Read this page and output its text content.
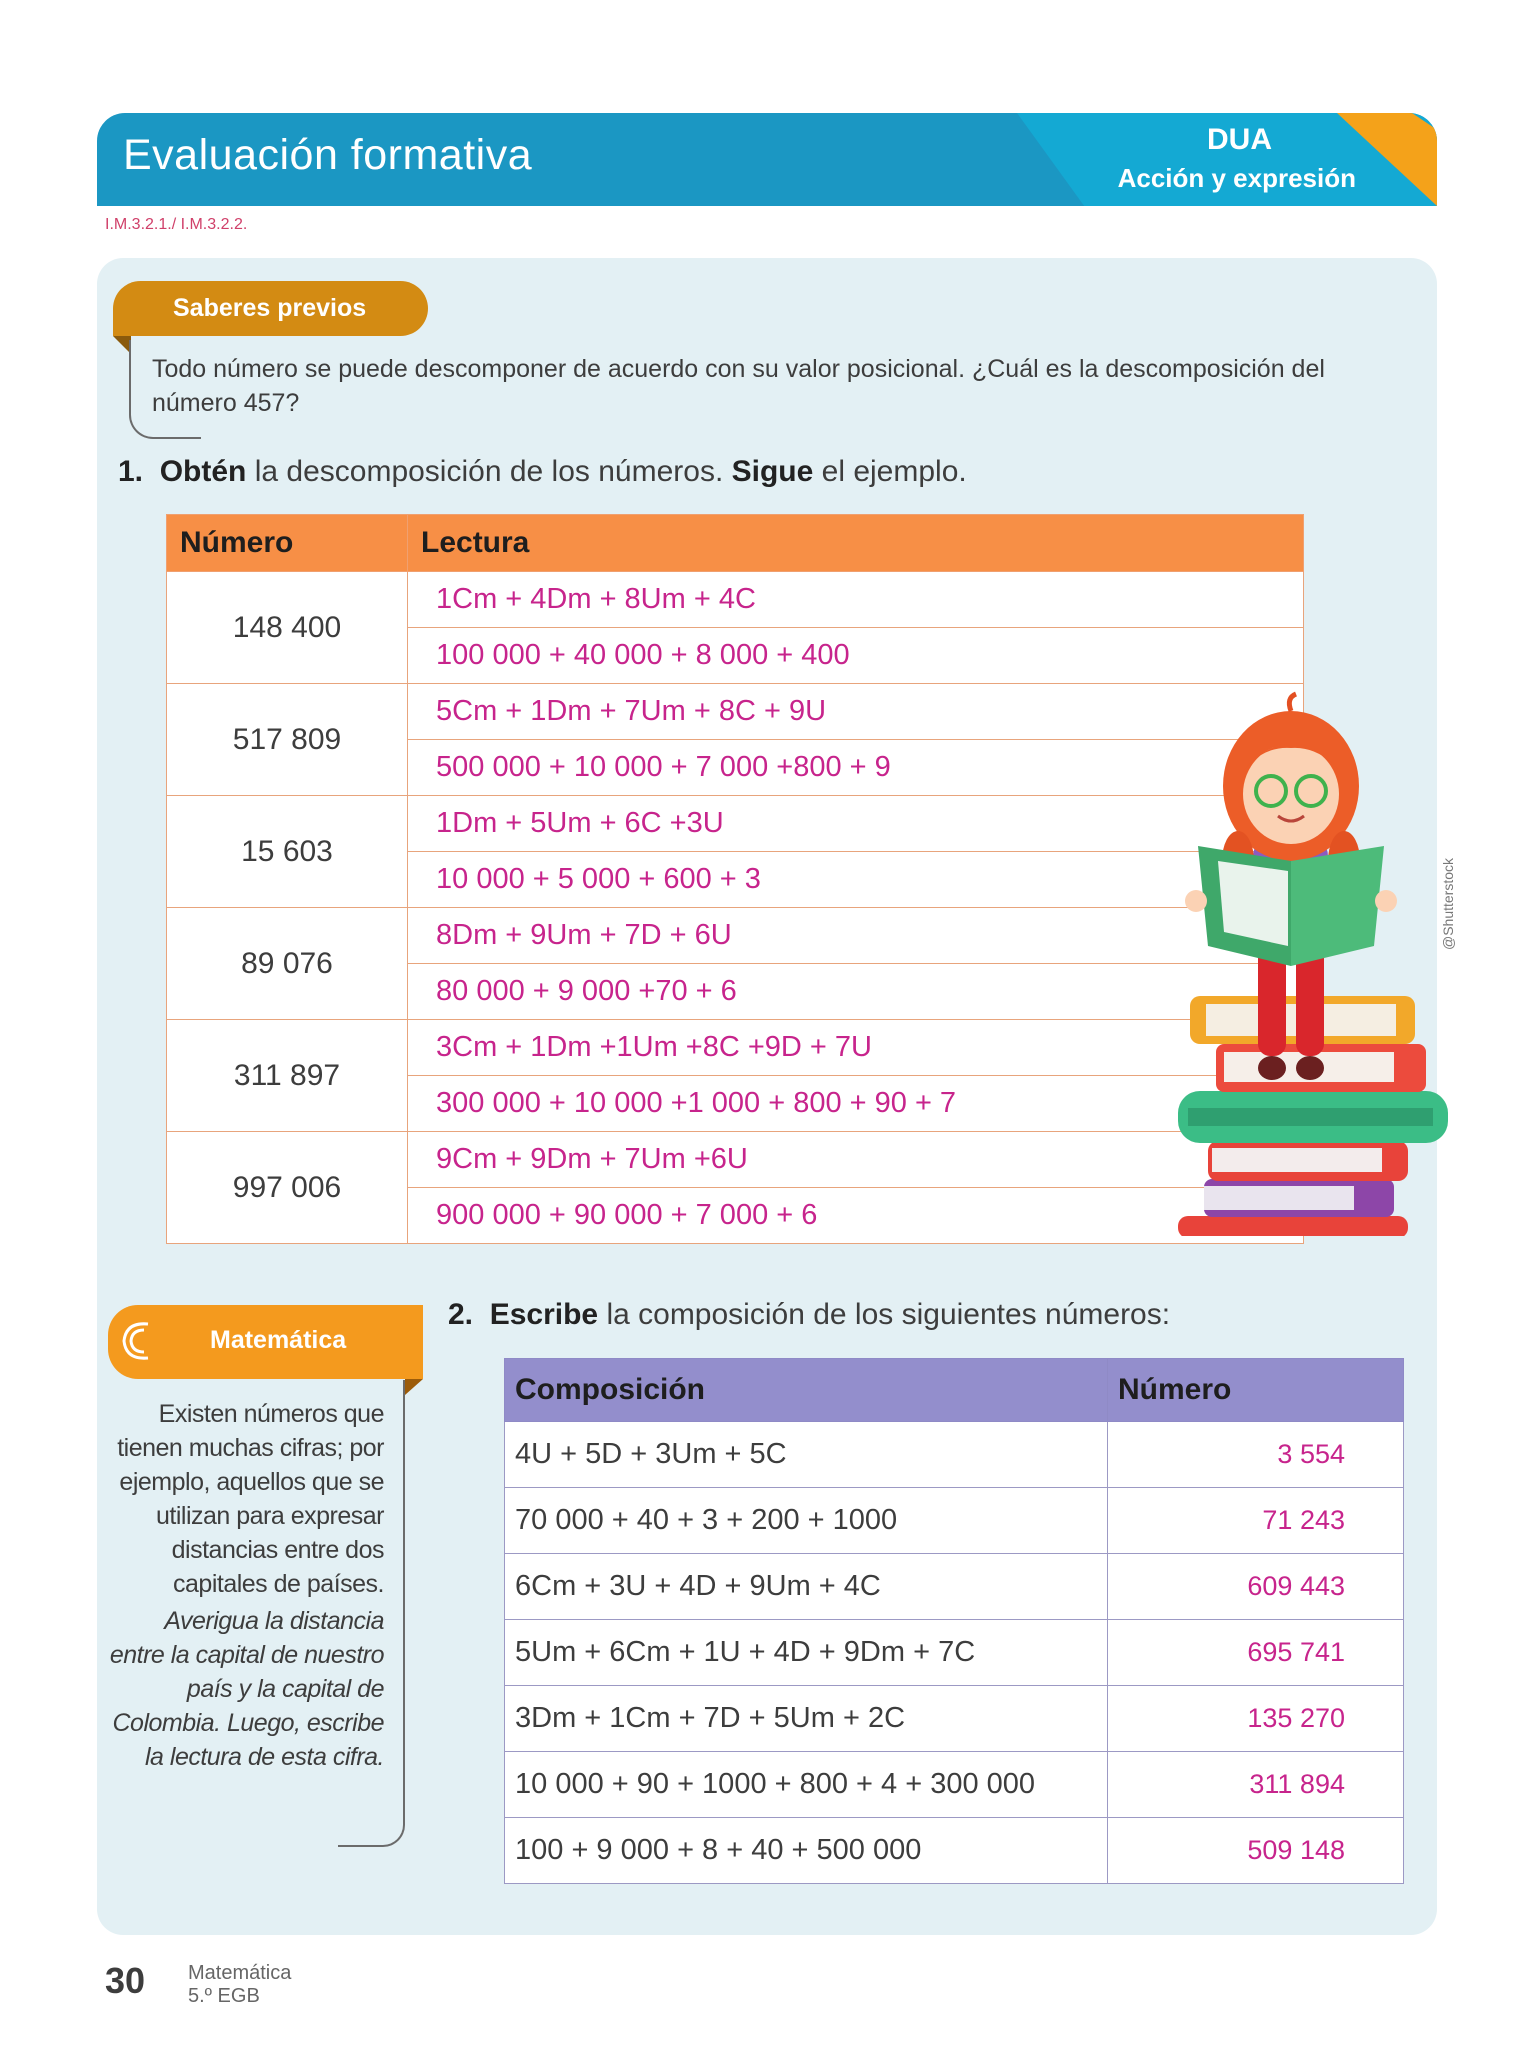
Evaluación formativa	DUA
Acción y expresión
I.M.3.2.1./ I.M.3.2.2.
Saberes previos
Todo número se puede descomponer de acuerdo con su valor posicional. ¿Cuál es la descomposición del número 457?
1. Obtén la descomposición de los números. Sigue el ejemplo.
Número	Lectura
148 400	1Cm + 4Dm + 8Um + 4C
	100 000 + 40 000 + 8 000 + 400
517 809	5Cm + 1Dm + 7Um + 8C + 9U
	500 000 + 10 000 + 7 000 +800 + 9
15 603	1Dm + 5Um + 6C +3U
	10 000 + 5 000 + 600 + 3
89 076	8Dm + 9Um + 7D + 6U
	80 000 + 9 000 +70 + 6
311 897	3Cm + 1Dm +1Um +8C +9D + 7U
	300 000 + 10 000 +1 000 + 800 + 90 + 7
997 006	9Cm + 9Dm + 7Um +6U
	900 000 + 90 000 + 7 000 + 6
@Shutterstock
Matemática
Existen números que tienen muchas cifras; por ejemplo, aquellos que se utilizan para expresar distancias entre dos capitales de países.
Averigua la distancia entre la capital de nuestro país y la capital de Colombia. Luego, escribe la lectura de esta cifra.
2. Escribe la composición de los siguientes números:
Composición	Número
4U + 5D + 3Um + 5C	3 554
70 000 + 40 + 3 + 200 + 1000	71 243
6Cm + 3U + 4D + 9Um + 4C	609 443
5Um + 6Cm + 1U + 4D + 9Dm + 7C	695 741
3Dm + 1Cm + 7D + 5Um + 2C	135 270
10 000 + 90 + 1000 + 800 + 4 + 300 000	311 894
100 + 9 000 + 8 + 40 + 500 000	509 148
30 Matemática
5.º EGB
